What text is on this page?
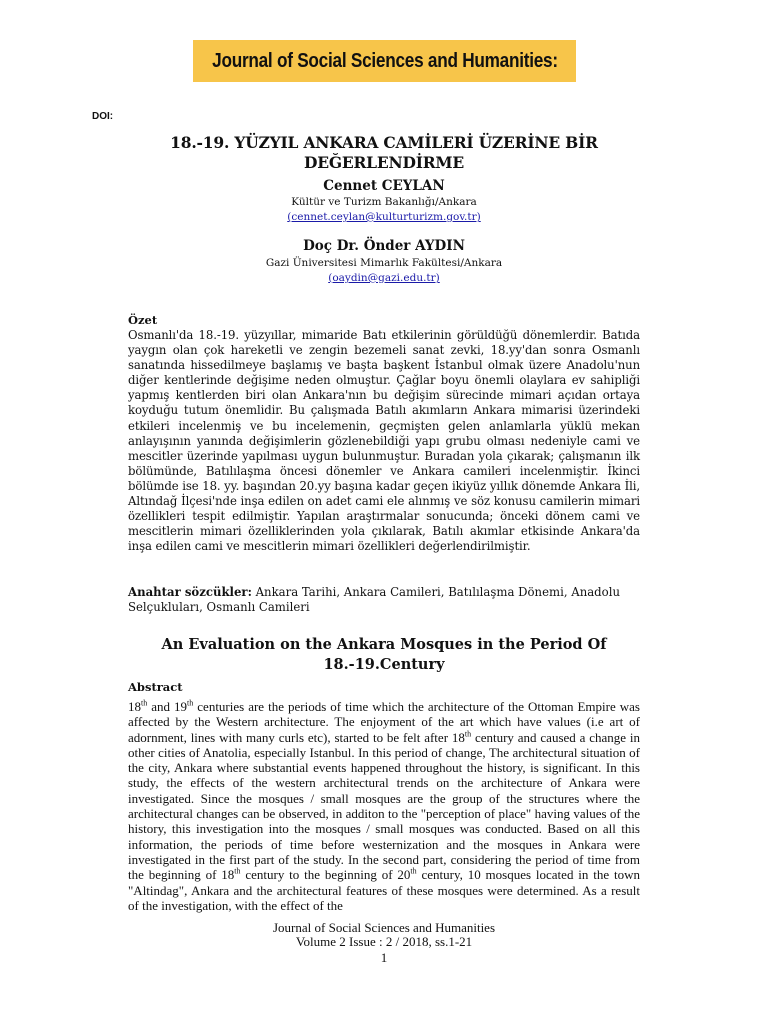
Journal of Social Sciences and Humanities:
DOI:
18.-19. YÜZYIL ANKARA CAMİLERİ ÜZERİNE BİR
DEĞERLENDİRME
Cennet CEYLAN
Kültür ve Turizm Bakanlığı/Ankara
(cennet.ceylan@kulturturizm.gov.tr)
Doç Dr. Önder AYDIN
Gazi Üniversitesi Mimarlık Fakültesi/Ankara
(oaydin@gazi.edu.tr)
Özet
Osmanlı'da 18.-19. yüzyıllar, mimaride Batı etkilerinin görüldüğü dönemlerdir. Batıda yaygın olan çok hareketli ve zengin bezemeli sanat zevki, 18.yy'dan sonra Osmanlı sanatında hissedilmeye başlamış ve başta başkent İstanbul olmak üzere Anadolu'nun diğer kentlerinde değişime neden olmuştur. Çağlar boyu önemli olaylara ev sahipliği yapmış kentlerden biri olan Ankara'nın bu değişim sürecinde mimari açıdan ortaya koyduğu tutum önemlidir. Bu çalışmada Batılı akımların Ankara mimarisi üzerindeki etkileri incelenmiş ve bu incelemenin, geçmişten gelen anlamlarla yüklü mekan anlayışının yanında değişimlerin gözlenebildiği yapı grubu olması nedeniyle cami ve mescitler üzerinde yapılması uygun bulunmuştur. Buradan yola çıkarak; çalışmanın ilk bölümünde, Batılılaşma öncesi dönemler ve Ankara camileri incelenmiştir. İkinci bölümde ise 18. yy. başından 20.yy başına kadar geçen ikiyüz yıllık dönemde Ankara İli, Altındağ İlçesi'nde inşa edilen on adet cami ele alınmış ve söz konusu camilerin mimari özellikleri tespit edilmiştir. Yapılan araştırmalar sonucunda; önceki dönem cami ve mescitlerin mimari özelliklerinden yola çıkılarak, Batılı akımlar etkisinde Ankara'da inşa edilen cami ve mescitlerin mimari özellikleri değerlendirilmiştir.
Anahtar sözcükler: Ankara Tarihi, Ankara Camileri, Batılılaşma Dönemi, Anadolu Selçukluları, Osmanlı Camileri
An Evaluation on the Ankara Mosques in the Period Of
18.-19.Century
Abstract
18th and 19th centuries are the periods of time which the architecture of the Ottoman Empire was affected by the Western architecture. The enjoyment of the art which have values (i.e art of adornment, lines with many curls etc), started to be felt after 18th century and caused a change in other cities of Anatolia, especially Istanbul. In this period of change, The architectural situation of the city, Ankara where substantial events happened throughout the history, is significant. In this study, the effects of the western architectural trends on the architecture of Ankara were investigated. Since the mosques / small mosques are the group of the structures where the architectural changes can be observed, in additon to the "perception of place" having values of the history, this investigation into the mosques / small mosques was conducted. Based on all this information, the periods of time before westernization and the mosques in Ankara were investigated in the first part of the study. In the second part, considering the period of time from the beginning of 18th century to the beginning of 20th century, 10 mosques located in the town "Altindag", Ankara and the architectural features of these mosques were determined. As a result of the investigation, with the effect of the
Journal of Social Sciences and Humanities
Volume 2 Issue : 2 / 2018, ss.1-21
1
